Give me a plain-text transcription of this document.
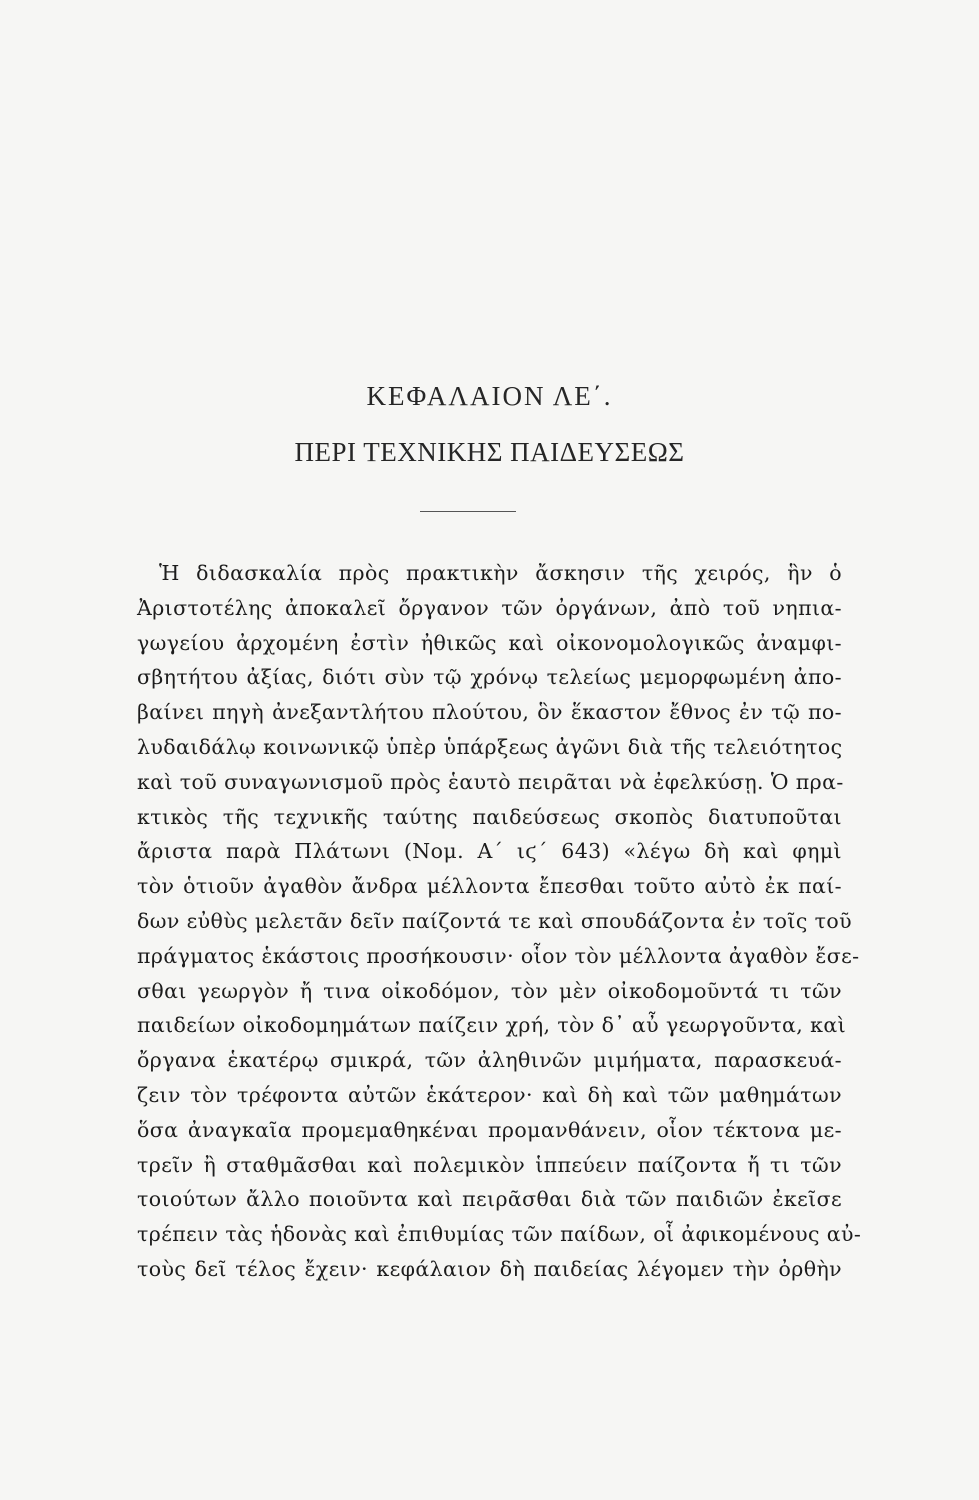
ΚΕΦΑΛΑΙΟΝ ΛΕ΄.
ΠΕΡΙ ΤΕΧΝΙΚΗΣ ΠΑΙΔΕΥΣΕΩΣ
Ἡ διδασκαλία πρὸς πρακτικὴν ἄσκησιν τῆς χειρός, ἣν ὁ
Ἀριστοτέλης ἀποκαλεῖ ὄργανον τῶν ὀργάνων, ἀπὸ τοῦ νηπια-
γωγείου ἀρχομένη ἐστὶν ἠθικῶς καὶ οἰκονομολογικῶς ἀναμφι-
σβητήτου ἀξίας, διότι σὺν τῷ χρόνῳ τελείως μεμορφωμένη ἀπο-
βαίνει πηγὴ ἀνεξαντλήτου πλούτου, ὃν ἕκαστον ἔθνος ἐν τῷ πο-
λυδαιδάλῳ κοινωνικῷ ὑπὲρ ὑπάρξεως ἀγῶνι διὰ τῆς τελειότητος
καὶ τοῦ συναγωνισμοῦ πρὸς ἑαυτὸ πειρᾶται νὰ ἐφελκύσῃ. Ὁ πρα-
κτικὸς τῆς τεχνικῆς ταύτης παιδεύσεως σκοπὸς διατυποῦται
ἄριστα παρὰ Πλάτωνι (Νομ. Α΄ ιϛ΄ 643) «λέγω δὴ καὶ φημὶ
τὸν ὁτιοῦν ἀγαθὸν ἄνδρα μέλλοντα ἔπεσθαι τοῦτο αὐτὸ ἐκ παί-
δων εὐθὺς μελετᾶν δεῖν παίζοντά τε καὶ σπουδάζοντα ἐν τοῖς τοῦ
πράγματος ἑκάστοις προσήκουσιν· οἷον τὸν μέλλοντα ἀγαθὸν ἔσε-
σθαι γεωργὸν ἤ τινα οἰκοδόμον, τὸν μὲν οἰκοδομοῦντά τι τῶν
παιδείων οἰκοδομημάτων παίζειν χρή, τὸν δ᾽ αὖ γεωργοῦντα, καὶ
ὄργανα ἑκατέρῳ σμικρά, τῶν ἀληθινῶν μιμήματα, παρασκευά-
ζειν τὸν τρέφοντα αὐτῶν ἑκάτερον· καὶ δὴ καὶ τῶν μαθημάτων
ὅσα ἀναγκαῖα προμεμαθηκέναι προμανθάνειν, οἷον τέκτονα με-
τρεῖν ἢ σταθμᾶσθαι καὶ πολεμικὸν ἱππεύειν παίζοντα ἤ τι τῶν
τοιούτων ἄλλο ποιοῦντα καὶ πειρᾶσθαι διὰ τῶν παιδιῶν ἐκεῖσε
τρέπειν τὰς ἡδονὰς καὶ ἐπιθυμίας τῶν παίδων, οἷ ἀφικομένους αὐ-
τοὺς δεῖ τέλος ἔχειν· κεφάλαιον δὴ παιδείας λέγομεν τὴν ὀρθὴν
